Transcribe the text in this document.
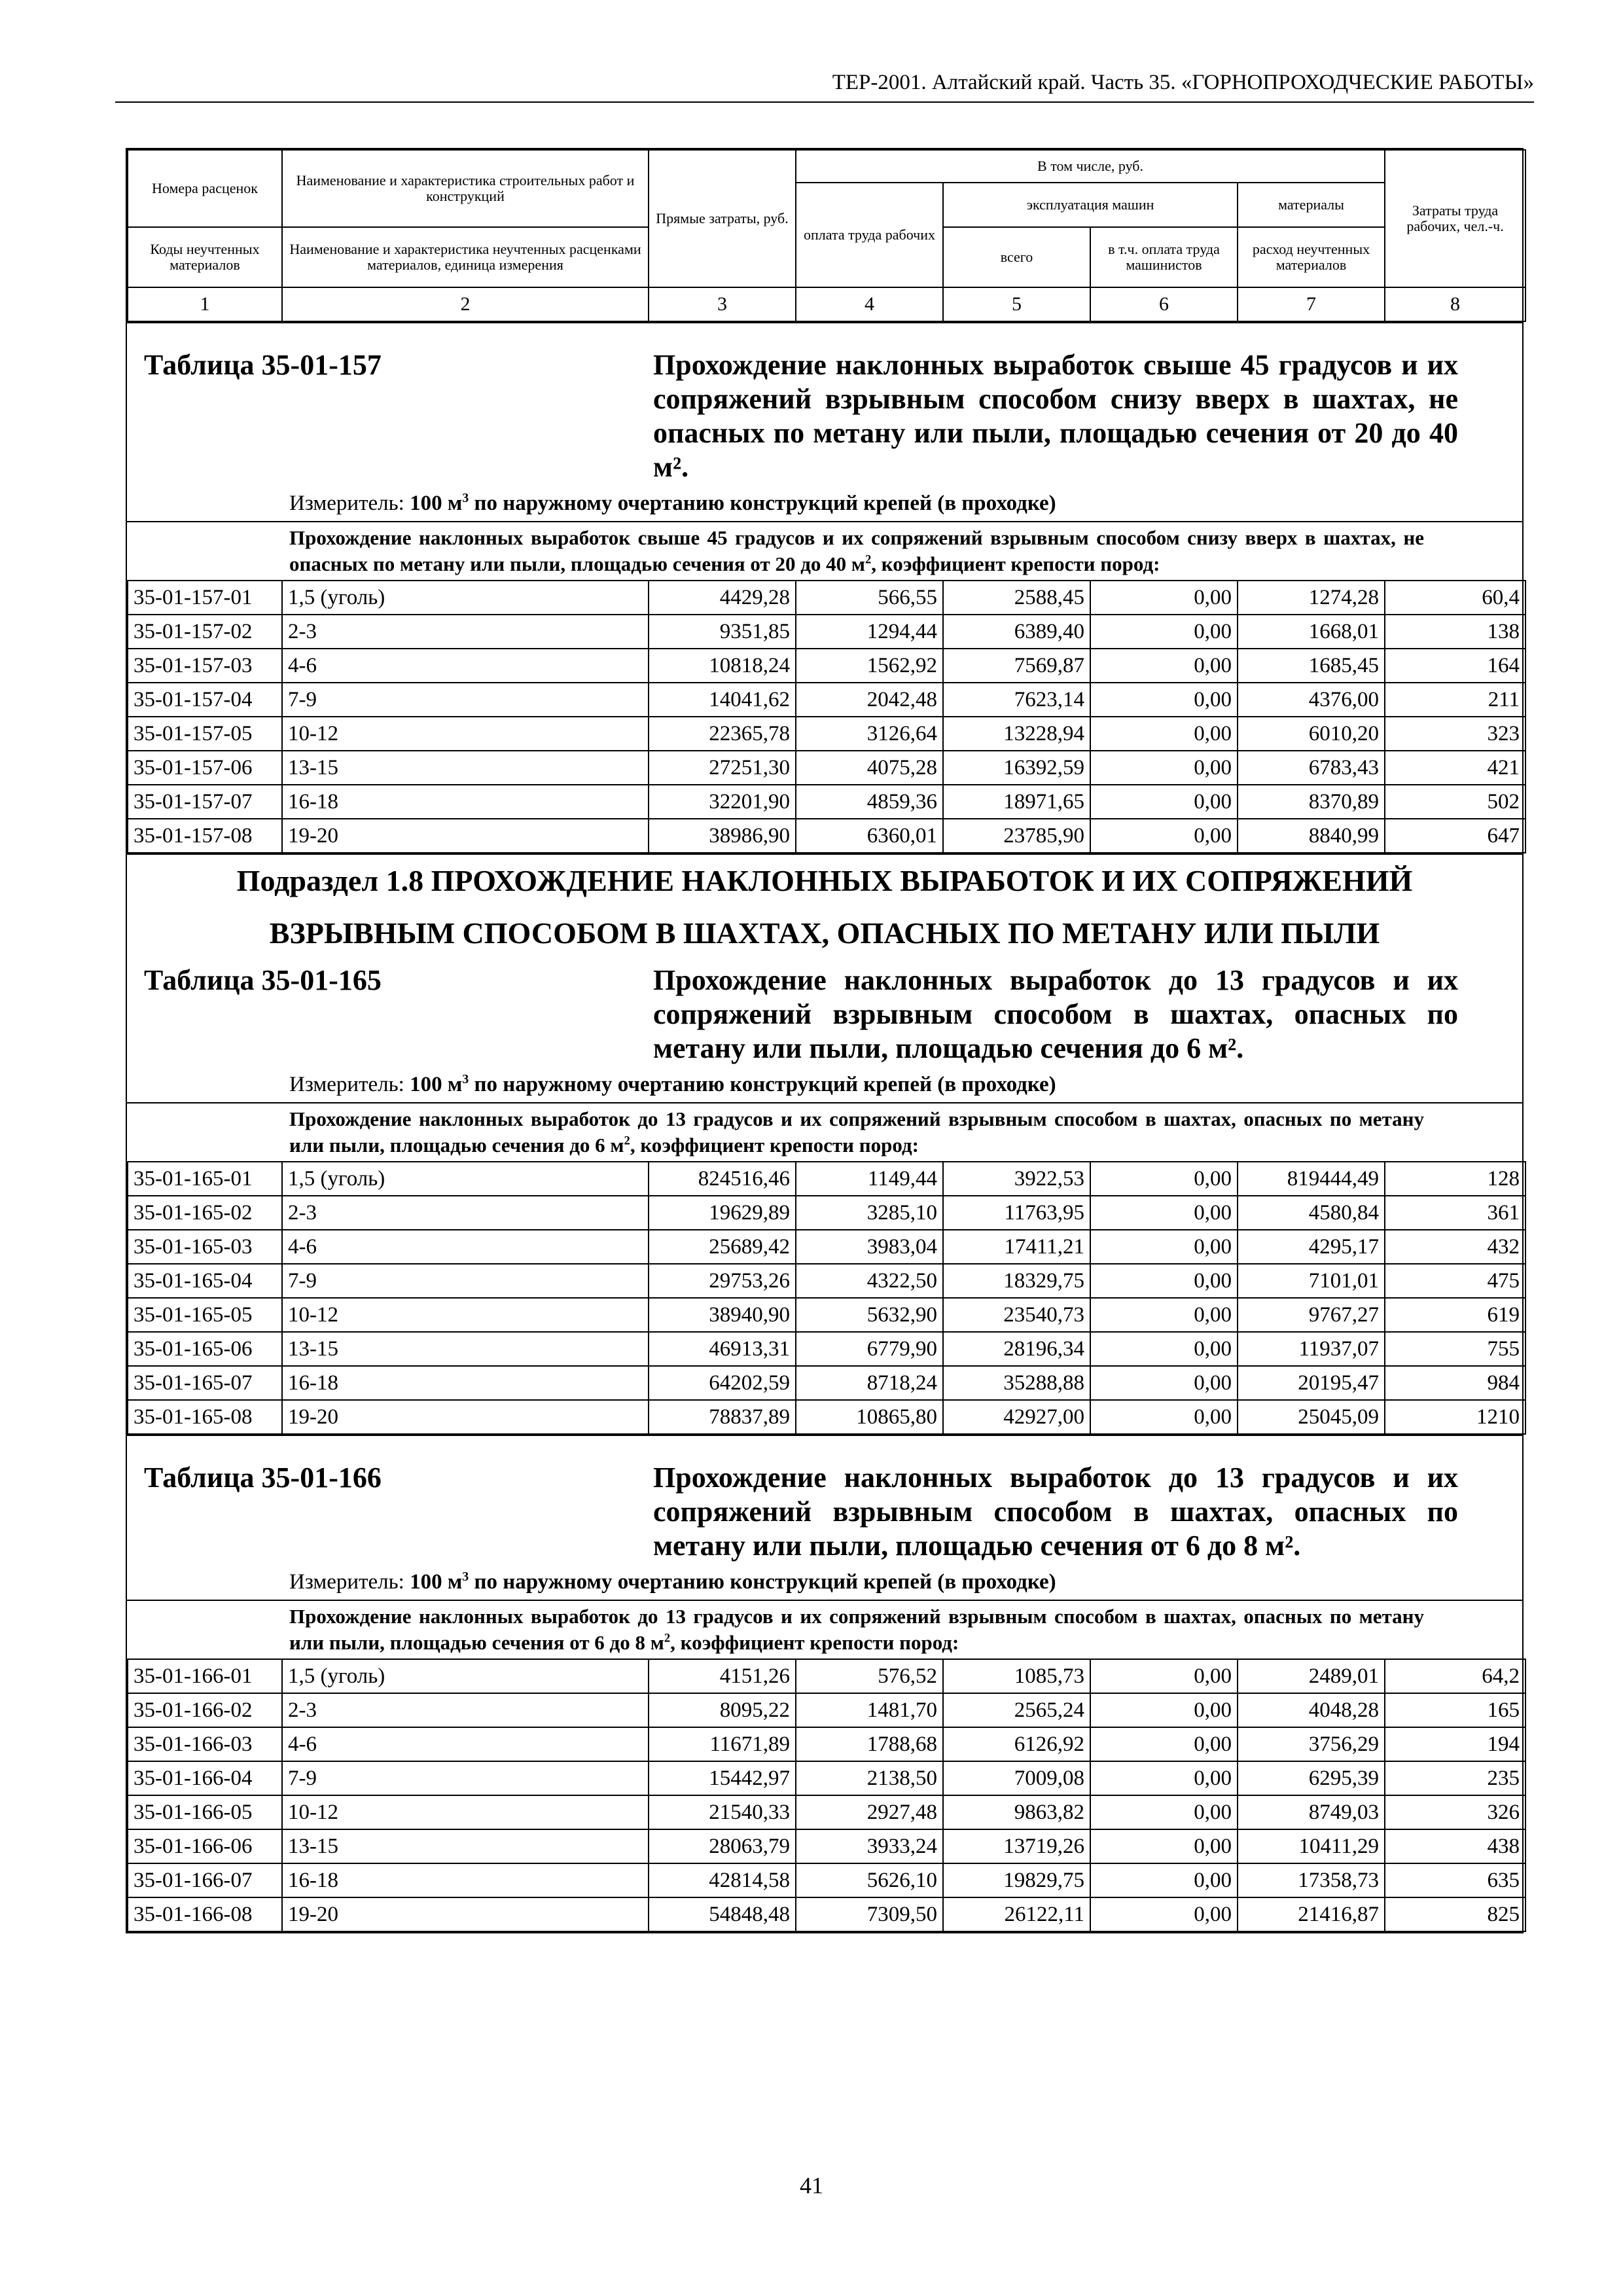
ТЕР-2001. Алтайский край. Часть 35. «ГОРНОПРОХОДЧЕСКИЕ РАБОТЫ»
Номера расценок	Наименование и характеристика строительных работ и конструкций	Прямые затраты, руб.	В том числе, руб.				Затраты труда рабочих, чел.-ч.
			оплата труда рабочих	эксплуатация машин		материалы	
Коды неучтенных материалов	Наименование и характеристика неучтенных расценками материалов, единица измерения			всего	в т.ч. оплата труда машинистов	расход неучтенных материалов	

1	2	3	4	5	6	7	8
Таблица 35-01-157	Прохождение наклонных выработок свыше 45 градусов и их сопряжений взрывным способом снизу вверх в шахтах, не опасных по метану или пыли, площадью сечения от 20 до 40 м².
Измеритель: 100 $м^3$ по наружному очертанию конструкций крепей (в проходке)
Прохождение наклонных выработок свыше 45 градусов и их сопряжений взрывным способом снизу вверх в шахтах, не опасных по метану или пыли, площадью сечения от 20 до 40 $м^2$, коэффициент крепости пород:
35-01-157-01	1,5 (уголь)	4429,28	566,55	2588,45	0,00	1274,28	60,4
35-01-157-02	2-3	9351,85	1294,44	6389,40	0,00	1668,01	138
35-01-157-03	4-6	10818,24	1562,92	7569,87	0,00	1685,45	164
35-01-157-04	7-9	14041,62	2042,48	7623,14	0,00	4376,00	211
35-01-157-05	10-12	22365,78	3126,64	13228,94	0,00	6010,20	323
35-01-157-06	13-15	27251,30	4075,28	16392,59	0,00	6783,43	421
35-01-157-07	16-18	32201,90	4859,36	18971,65	0,00	8370,89	502
35-01-157-08	19-20	38986,90	6360,01	23785,90	0,00	8840,99	647
Подраздел 1.8 ПРОХОЖДЕНИЕ НАКЛОННЫХ ВЫРАБОТОК И ИХ СОПРЯЖЕНИЙ
ВЗРЫВНЫМ СПОСОБОМ В ШАХТАХ, ОПАСНЫХ ПО МЕТАНУ ИЛИ ПЫЛИ
Таблица 35-01-165	Прохождение наклонных выработок до 13 градусов и их сопряжений взрывным способом в шахтах, опасных по метану или пыли, площадью сечения до 6 м².
Измеритель: 100 $м^3$ по наружному очертанию конструкций крепей (в проходке)
Прохождение наклонных выработок до 13 градусов и их сопряжений взрывным способом в шахтах, опасных по метану или пыли, площадью сечения до 6 $м^2$, коэффициент крепости пород:
35-01-165-01	1,5 (уголь)	824516,46	1149,44	3922,53	0,00	819444,49	128
35-01-165-02	2-3	19629,89	3285,10	11763,95	0,00	4580,84	361
35-01-165-03	4-6	25689,42	3983,04	17411,21	0,00	4295,17	432
35-01-165-04	7-9	29753,26	4322,50	18329,75	0,00	7101,01	475
35-01-165-05	10-12	38940,90	5632,90	23540,73	0,00	9767,27	619
35-01-165-06	13-15	46913,31	6779,90	28196,34	0,00	11937,07	755
35-01-165-07	16-18	64202,59	8718,24	35288,88	0,00	20195,47	984
35-01-165-08	19-20	78837,89	10865,80	42927,00	0,00	25045,09	1210
Таблица 35-01-166	Прохождение наклонных выработок до 13 градусов и их сопряжений взрывным способом в шахтах, опасных по метану или пыли, площадью сечения от 6 до 8 м².
Измеритель: 100 $м^3$ по наружному очертанию конструкций крепей (в проходке)
Прохождение наклонных выработок до 13 градусов и их сопряжений взрывным способом в шахтах, опасных по метану или пыли, площадью сечения от 6 до 8 $м^2$, коэффициент крепости пород:
35-01-166-01	1,5 (уголь)	4151,26	576,52	1085,73	0,00	2489,01	64,2
35-01-166-02	2-3	8095,22	1481,70	2565,24	0,00	4048,28	165
35-01-166-03	4-6	11671,89	1788,68	6126,92	0,00	3756,29	194
35-01-166-04	7-9	15442,97	2138,50	7009,08	0,00	6295,39	235
35-01-166-05	10-12	21540,33	2927,48	9863,82	0,00	8749,03	326
35-01-166-06	13-15	28063,79	3933,24	13719,26	0,00	10411,29	438
35-01-166-07	16-18	42814,58	5626,10	19829,75	0,00	17358,73	635
35-01-166-08	19-20	54848,48	7309,50	26122,11	0,00	21416,87	825
41
